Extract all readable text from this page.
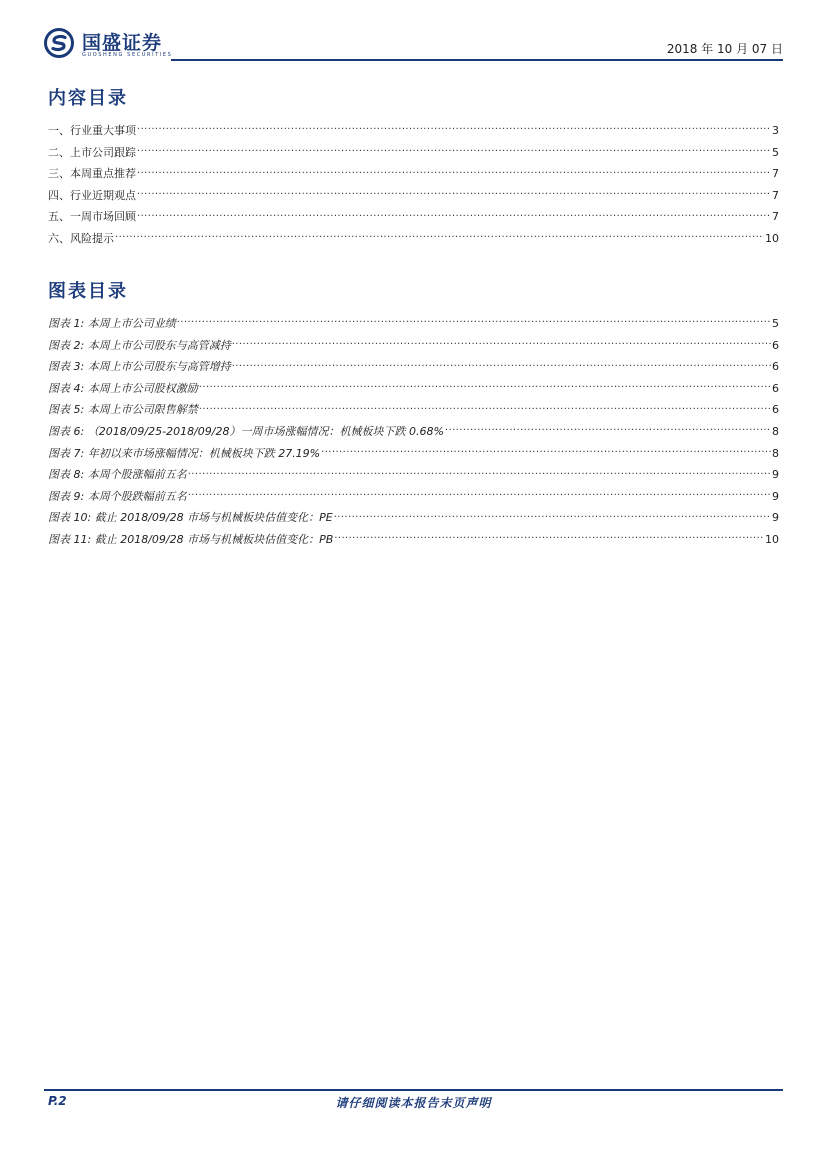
国盛证券
GUOSHENG SECURITIES	2018 年 10 月 07 日
内容目录
一、行业重大事项 .....	3
二、上市公司跟踪 .....	5
三、本周重点推荐 .....	7
四、行业近期观点 .....	7
五、一周市场回顾 .....	7
六、风险提示 .....	10
图表目录
图表 1: 本周上市公司业绩 .....	5
图表 2: 本周上市公司股东与高管减持 .....	6
图表 3: 本周上市公司股东与高管增持 .....	6
图表 4: 本周上市公司股权激励 .....	6
图表 5: 本周上市公司限售解禁 .....	6
图表 6: （2018/09/25-2018/09/28）一周市场涨幅情况：机械板块下跌 0.68% .....	8
图表 7: 年初以来市场涨幅情况：机械板块下跌 27.19% .....	8
图表 8: 本周个股涨幅前五名 .....	9
图表 9: 本周个股跌幅前五名 .....	9
图表 10: 截止 2018/09/28 市场与机械板块估值变化：PE .....	9
图表 11: 截止 2018/09/28 市场与机械板块估值变化：PB .....	10
P.2	请仔细阅读本报告末页声明
